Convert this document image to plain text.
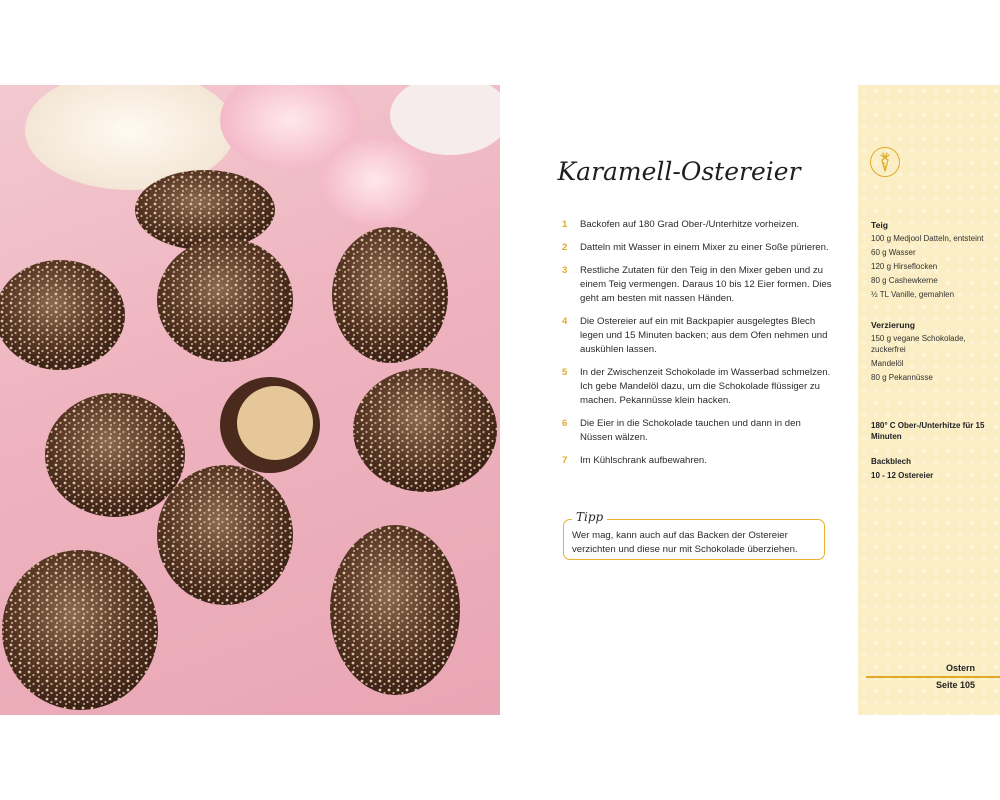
Karamell-Ostereier
1 Backofen auf 180 Grad Ober-/Unterhitze vorheizen.
2 Datteln mit Wasser in einem Mixer zu einer Soße pürieren.
3 Restliche Zutaten für den Teig in den Mixer geben und zu einem Teig vermengen. Daraus 10 bis 12 Eier formen. Dies geht am besten mit nassen Händen.
4 Die Ostereier auf ein mit Backpapier ausgelegtes Blech legen und 15 Minuten backen; aus dem Ofen nehmen und auskühlen lassen.
5 In der Zwischenzeit Schokolade im Wasserbad schmelzen. Ich gebe Mandelöl dazu, um die Schokolade flüssiger zu machen. Pekannüsse klein hacken.
6 Die Eier in die Schokolade tauchen und dann in den Nüssen wälzen.
7 Im Kühlschrank aufbewahren.
Tipp
Wer mag, kann auch auf das Backen der Ostereier verzichten und diese nur mit Schokolade überziehen.
Teig
100 g Medjool Datteln, entsteint
60 g Wasser
120 g Hirseflocken
80 g Cashewkerne
½ TL Vanille, gemahlen
Verzierung
150 g vegane Schokolade, zuckerfrei
Mandelöl
80 g Pekannüsse
180° C Ober-/Unterhitze für 15 Minuten
Backblech
10 - 12 Ostereier
Ostern
Seite 105
